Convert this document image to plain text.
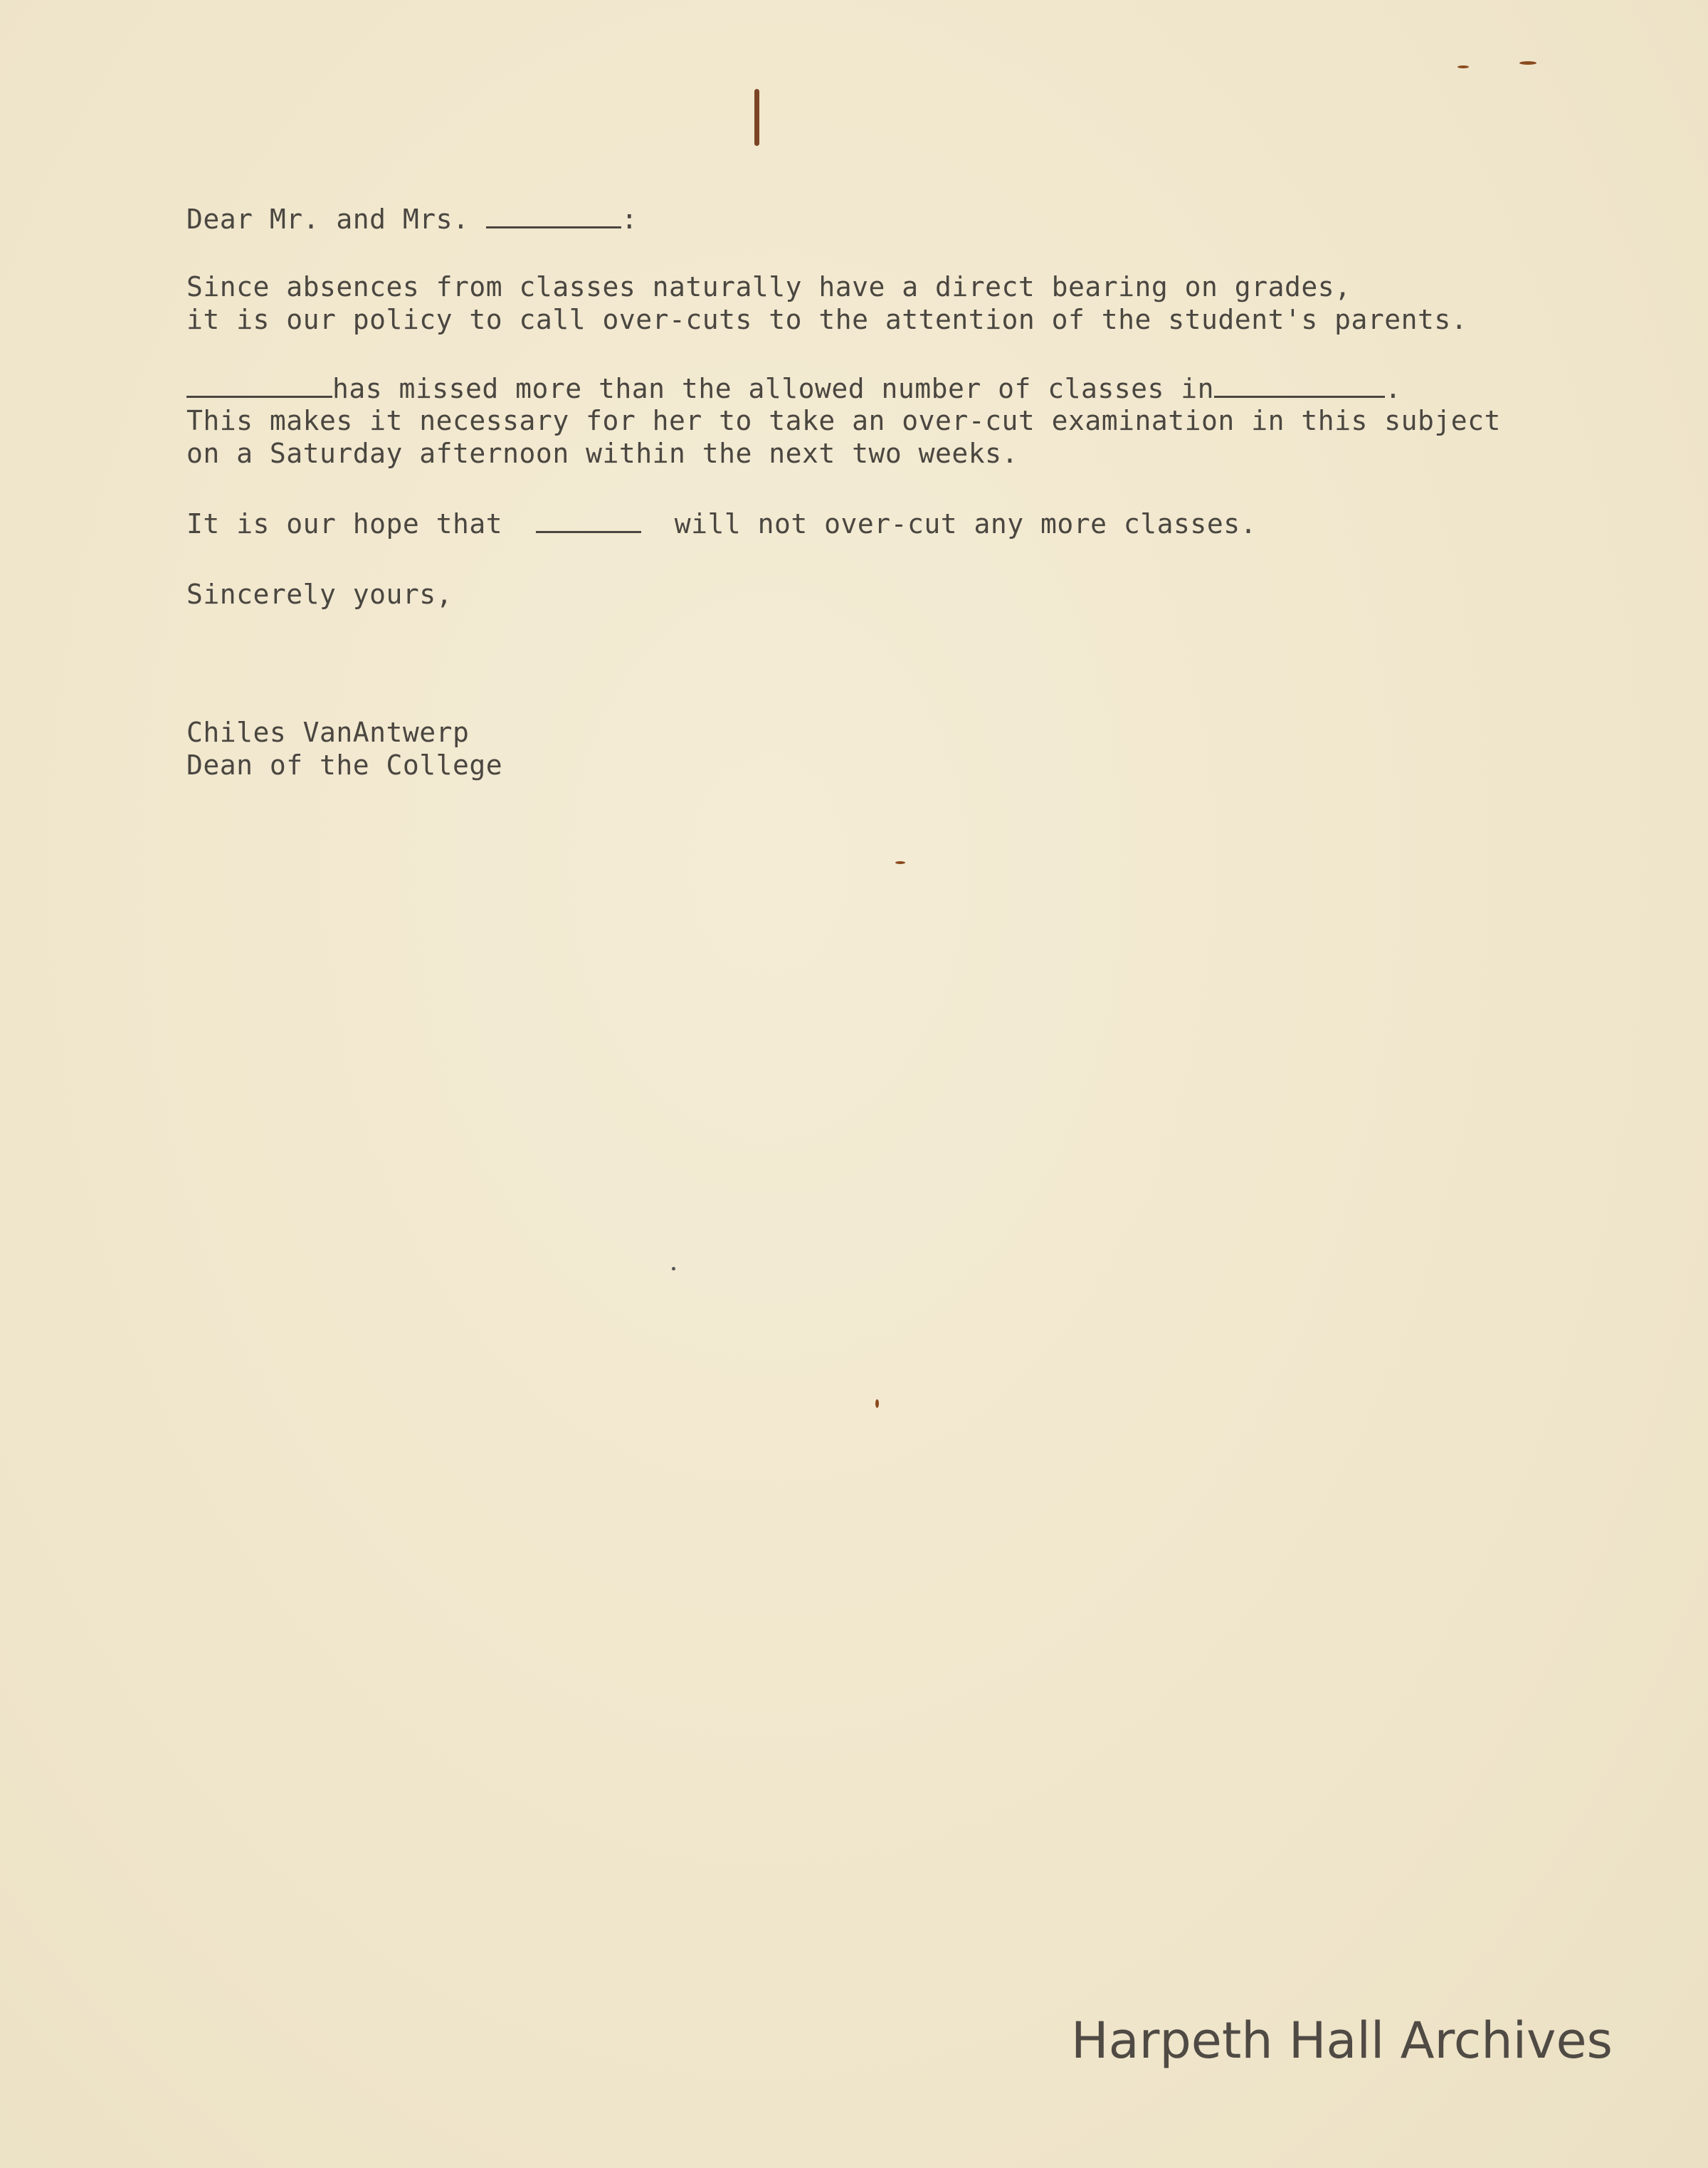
Dear Mr. and Mrs.	:
Since absences from classes naturally have a direct bearing on grades,
it is our policy to call over-cuts to the attention of the student's parents.
has missed more than the allowed number of classes in	.
This makes it necessary for her to take an over-cut examination in this subject
on a Saturday afternoon within the next two weeks.
It is our hope that	will not over-cut any more classes.
Sincerely yours,
Chiles VanAntwerp
Dean of the College
Harpeth Hall Archives
